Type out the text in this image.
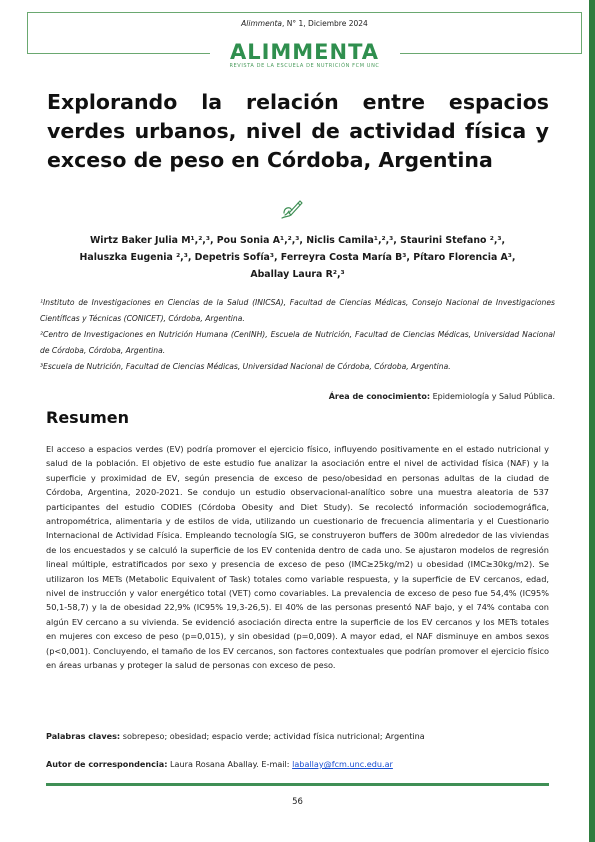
Alimmenta, N° 1, Diciembre 2024
ALIMMENTA
REVISTA DE LA ESCUELA DE NUTRICIÓN FCM UNC
Explorando la relación entre espacios verdes urbanos, nivel de actividad física y exceso de peso en Córdoba, Argentina
Wirtz Baker Julia M¹,²,³, Pou Sonia A¹,²,³, Niclis Camila¹,²,³, Staurini Stefano ²,³,
Haluszka Eugenia ²,³, Depetris Sofía³, Ferreyra Costa María B³, Pítaro Florencia A³,
Aballay Laura R²,³
¹Instituto de Investigaciones en Ciencias de la Salud (INICSA), Facultad de Ciencias Médicas, Consejo Nacional de Investigaciones Científicas y Técnicas (CONICET), Córdoba, Argentina.
²Centro de Investigaciones en Nutrición Humana (CenINH), Escuela de Nutrición, Facultad de Ciencias Médicas, Universidad Nacional de Córdoba, Córdoba, Argentina.
³Escuela de Nutrición, Facultad de Ciencias Médicas, Universidad Nacional de Córdoba, Córdoba, Argentina.
Área de conocimiento: Epidemiología y Salud Pública.
Resumen

El acceso a espacios verdes (EV) podría promover el ejercicio físico, influyendo positivamente en el estado nutricional y salud de la población. El objetivo de este estudio fue analizar la asociación entre el nivel de actividad física (NAF) y la superficie y proximidad de EV, según presencia de exceso de peso/obesidad en personas adultas de la ciudad de Córdoba, Argentina, 2020-2021. Se condujo un estudio observacional-analítico sobre una muestra aleatoria de 537 participantes del estudio CODIES (Córdoba Obesity and Diet Study). Se recolectó información sociodemográfica, antropométrica, alimentaria y de estilos de vida, utilizando un cuestionario de frecuencia alimentaria y el Cuestionario Internacional de Actividad Física. Empleando tecnología SIG, se construyeron buffers de 300m alrededor de las viviendas de los encuestados y se calculó la superficie de los EV contenida dentro de cada uno. Se ajustaron modelos de regresión lineal múltiple, estratificados por sexo y presencia de exceso de peso (IMC≥25kg/m2) u obesidad (IMC≥30kg/m2). Se utilizaron los METs (Metabolic Equivalent of Task) totales como variable respuesta, y la superficie de EV cercanos, edad, nivel de instrucción y valor energético total (VET) como covariables. La prevalencia de exceso de peso fue 54,4% (IC95% 50,1-58,7) y la de obesidad 22,9% (IC95% 19,3-26,5). El 40% de las personas presentó NAF bajo, y el 74% contaba con algún EV cercano a su vivienda. Se evidenció asociación directa entre la superficie de los EV cercanos y los METs totales en mujeres con exceso de peso (p=0,015), y sin obesidad (p=0,009). A mayor edad, el NAF disminuye en ambos sexos (p<0,001). Concluyendo, el tamaño de los EV cercanos, son factores contextuales que podrían promover el ejercicio físico en áreas urbanas y proteger la salud de personas con exceso de peso.

Palabras claves: sobrepeso; obesidad; espacio verde; actividad física nutricional; Argentina
Autor de correspondencia: Laura Rosana Aballay. E-mail: laballay@fcm.unc.edu.ar
56
